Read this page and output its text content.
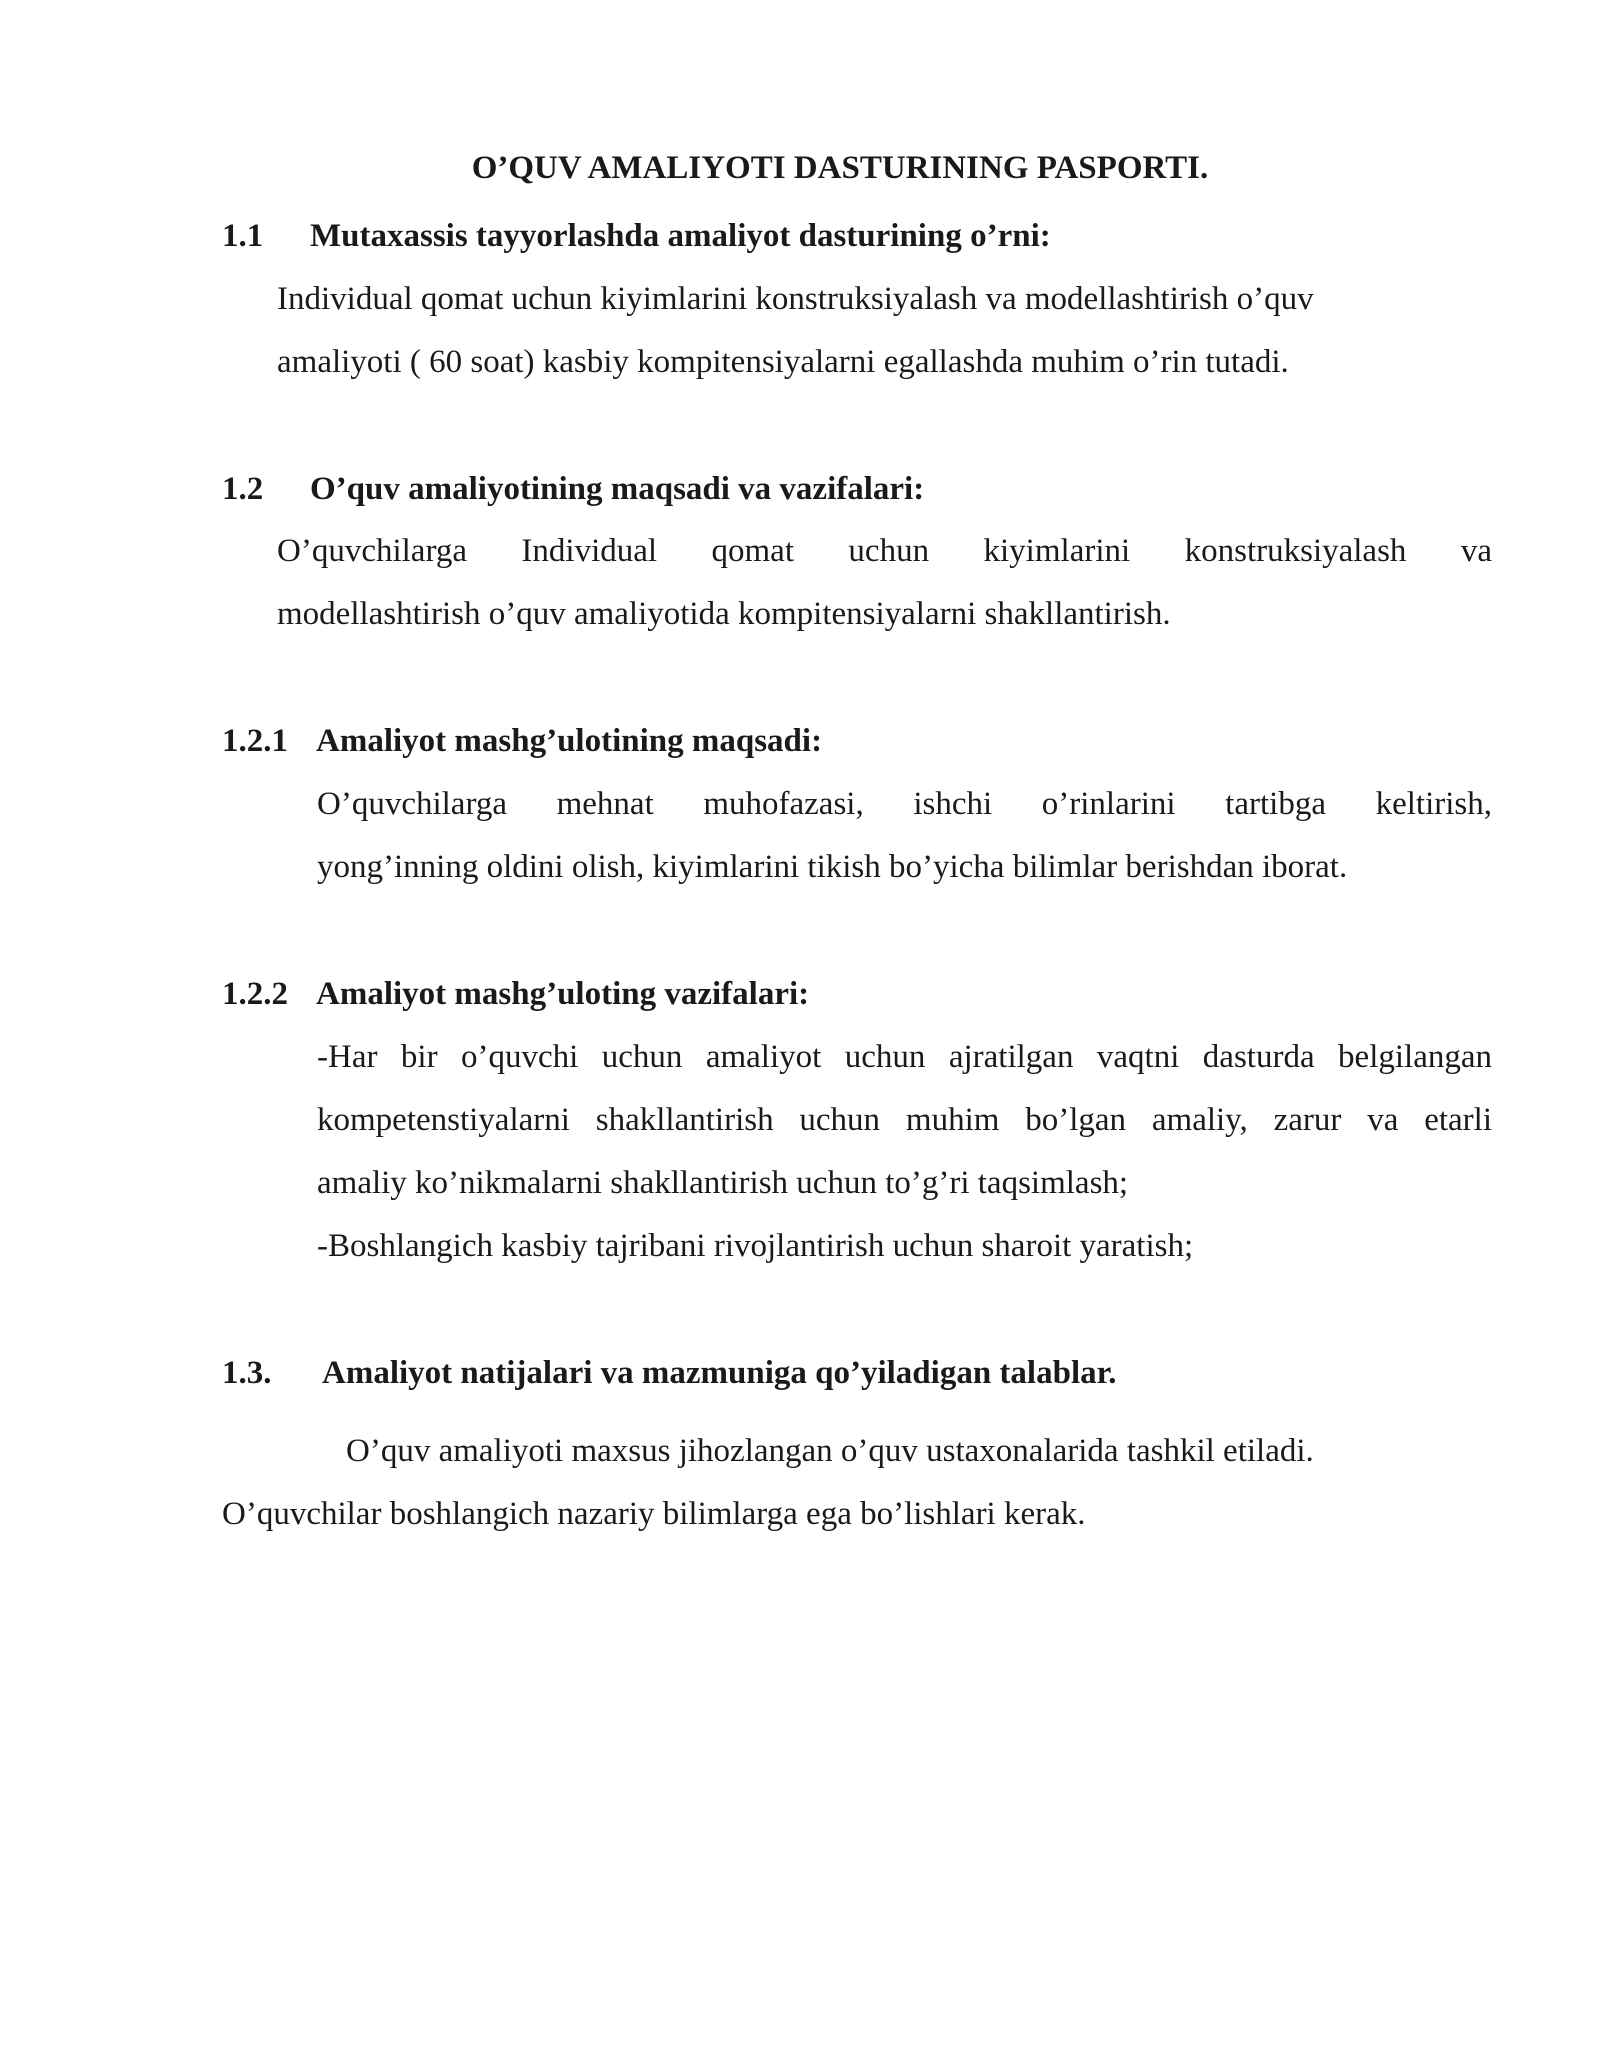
O’QUV AMALIYOTI DASTURINING PASPORTI.
1.1 Mutaxassis tayyorlashda amaliyot dasturining o’rni:
Individual qomat uchun kiyimlarini konstruksiyalash va modellashtirish o’quv
amaliyoti ( 60 soat) kasbiy kompitensiyalarni egallashda muhim o’rin tutadi.
1.2 O’quv amaliyotining maqsadi va vazifalari:
O’quvchilarga Individual qomat uchun kiyimlarini konstruksiyalash va
modellashtirish o’quv amaliyotida kompitensiyalarni shakllantirish.
1.2.1 Amaliyot mashg’ulotining maqsadi:
O’quvchilarga mehnat muhofazasi, ishchi o’rinlarini tartibga keltirish,
yong’inning oldini olish, kiyimlarini tikish bo’yicha bilimlar berishdan iborat.
1.2.2 Amaliyot mashg’uloting vazifalari:
-Har bir o’quvchi uchun amaliyot uchun ajratilgan vaqtni dasturda belgilangan
kompetenstiyalarni shakllantirish uchun muhim bo’lgan amaliy, zarur va etarli
amaliy ko’nikmalarni shakllantirish uchun to’g’ri taqsimlash;
-Boshlangich kasbiy tajribani rivojlantirish uchun sharoit yaratish;
1.3. Amaliyot natijalari va mazmuniga qo’yiladigan talablar.
O’quv amaliyoti maxsus jihozlangan o’quv ustaxonalarida tashkil etiladi.
O’quvchilar boshlangich nazariy bilimlarga ega bo’lishlari kerak.
